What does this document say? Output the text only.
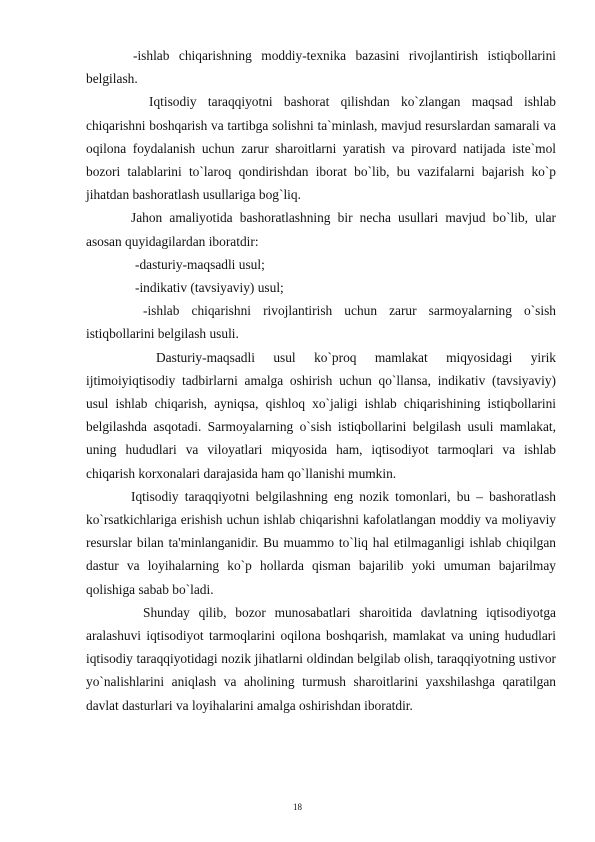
-ishlab chiqarishning moddiy-texnika bazasini rivojlantirish istiqbollarini belgilash.

Iqtisodiy taraqqiyotni bashorat qilishdan ko`zlangan maqsad ishlab chiqarishni boshqarish va tartibga solishni ta`minlash, mavjud resurslardan samarali va oqilona foydalanish uchun zarur sharoitlarni yaratish va pirovard natijada iste`mol bozori talablarini to`laroq qondirishdan iborat bo`lib, bu vazifalarni bajarish ko`p jihatdan bashoratlash usullariga bog`liq.

Jahon amaliyotida bashoratlashning bir necha usullari mavjud bo`lib, ular asosan quyidagilardan iboratdir:

-dasturiy-maqsadli usul;

-indikativ (tavsiyaviy) usul;

-ishlab chiqarishni rivojlantirish uchun zarur sarmoyalarning o`sish istiqbollarini belgilash usuli.

Dasturiy-maqsadli usul ko`proq mamlakat miqyosidagi yirik ijtimoiyiqtisodiy tadbirlarni amalga oshirish uchun qo`llansa, indikativ (tavsiyaviy) usul ishlab chiqarish, ayniqsa, qishloq xo`jaligi ishlab chiqarishining istiqbollarini belgilashda asqotadi. Sarmoyalarning o`sish istiqbollarini belgilash usuli mamlakat, uning hududlari va viloyatlari miqyosida ham, iqtisodiyot tarmoqlari va ishlab chiqarish korxonalari darajasida ham qo`llanishi mumkin.

Iqtisodiy taraqqiyotni belgilashning eng nozik tomonlari, bu – bashoratlash ko`rsatkichlariga erishish uchun ishlab chiqarishni kafolatlangan moddiy va moliyaviy resurslar bilan ta'minlanganidir. Bu muammo to`liq hal etilmaganligi ishlab chiqilgan dastur va loyihalarning ko`p hollarda qisman bajarilib yoki umuman bajarilmay qolishiga sabab bo`ladi.

Shunday qilib, bozor munosabatlari sharoitida davlatning iqtisodiyotga aralashuvi iqtisodiyot tarmoqlarini oqilona boshqarish, mamlakat va uning hududlari iqtisodiy taraqqiyotidagi nozik jihatlarni oldindan belgilab olish, taraqqiyotning ustivor yo`nalishlarini aniqlash va aholining turmush sharoitlarini yaxshilashga qaratilgan davlat dasturlari va loyihalarini amalga oshirishdan iboratdir.

18
